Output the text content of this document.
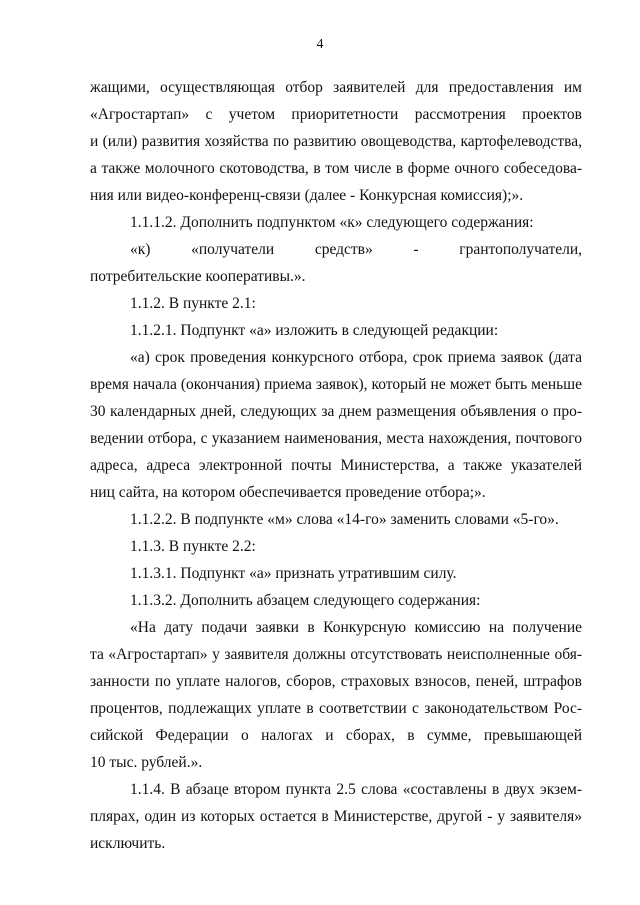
4
жащими, осуществляющая отбор заявителей для предоставления им
«Агростартап» с учетом приоритетности рассмотрения проектов
и (или) развития хозяйства по развитию овощеводства, картофелеводства,
а также молочного скотоводства, в том числе в форме очного собеседова-
ния или видео-конференц-связи (далее - Конкурсная комиссия);».
1.1.1.2. Дополнить подпунктом «к» следующего содержания:
«к) «получатели средств» - грантополучатели,
потребительские кооперативы.».
1.1.2. В пункте 2.1:
1.1.2.1. Подпункт «а» изложить в следующей редакции:
«а) срок проведения конкурсного отбора, срок приема заявок (дата
время начала (окончания) приема заявок), который не может быть меньше
30 календарных дней, следующих за днем размещения объявления о про-
ведении отбора, с указанием наименования, места нахождения, почтового
адреса, адреса электронной почты Министерства, а также указателей
ниц сайта, на котором обеспечивается проведение отбора;».
1.1.2.2. В подпункте «м» слова «14-го» заменить словами «5-го».
1.1.3. В пункте 2.2:
1.1.3.1. Подпункт «а» признать утратившим силу.
1.1.3.2. Дополнить абзацем следующего содержания:
«На дату подачи заявки в Конкурсную комиссию на получение
та «Агростартап» у заявителя должны отсутствовать неисполненные обя-
занности по уплате налогов, сборов, страховых взносов, пеней, штрафов
процентов, подлежащих уплате в соответствии с законодательством Рос-
сийской Федерации о налогах и сборах, в сумме, превышающей
10 тыс. рублей.».
1.1.4. В абзаце втором пункта 2.5 слова «составлены в двух экзем-
плярах, один из которых остается в Министерстве, другой - у заявителя»
исключить.
